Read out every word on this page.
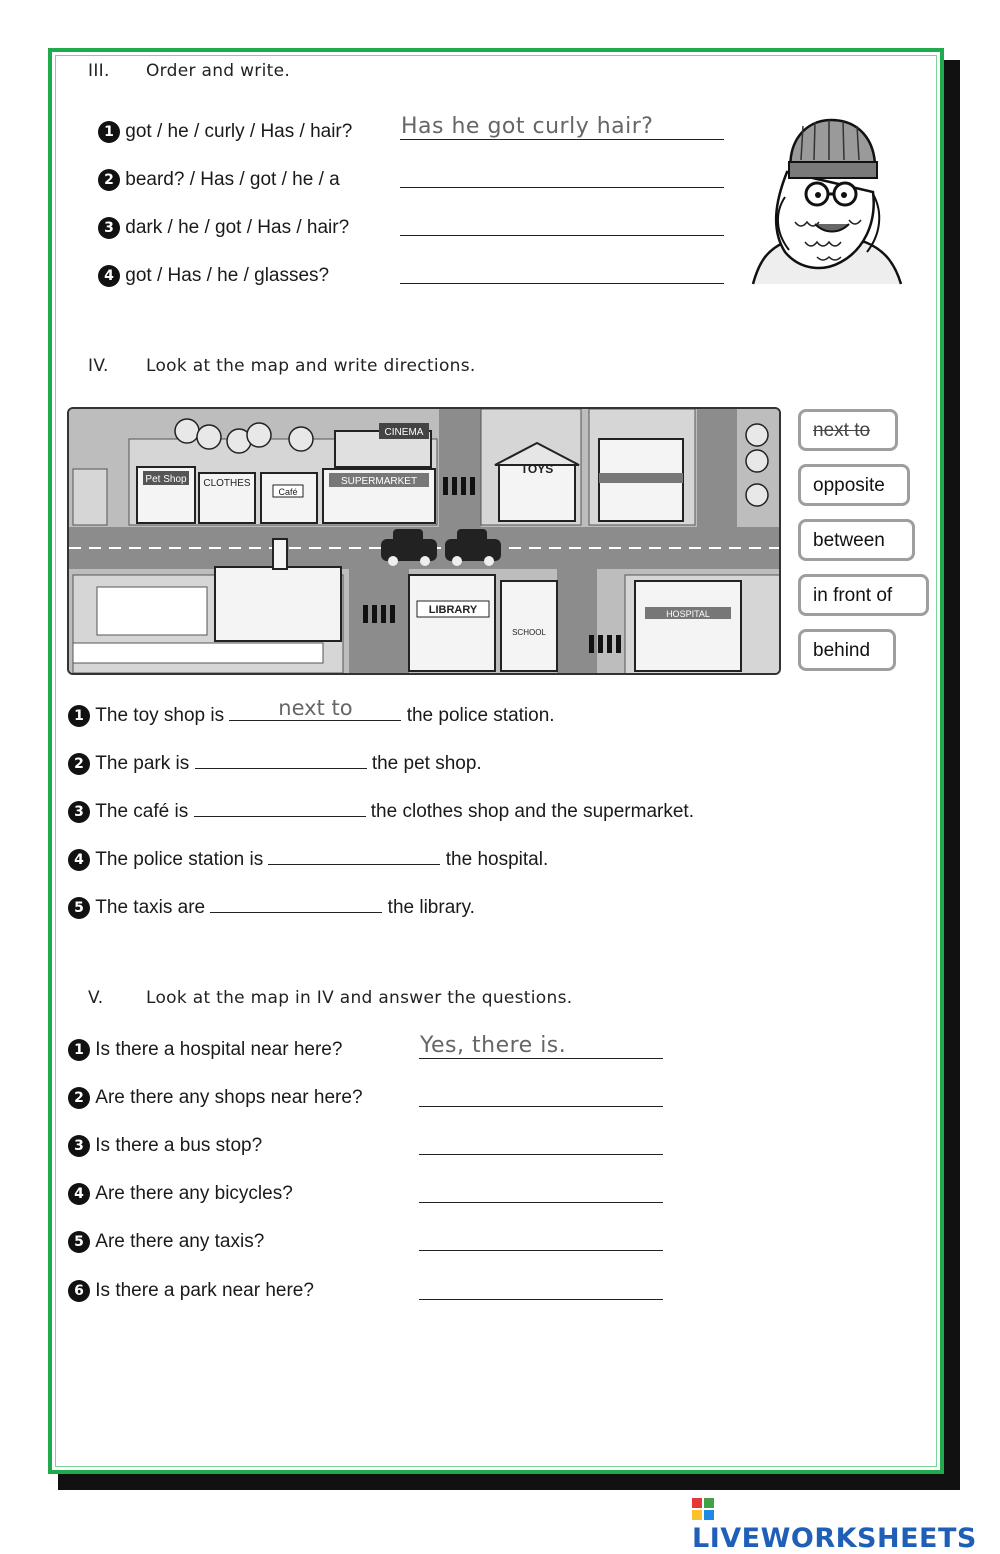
III. Order and write.
1 got / he / curly / Has / hair? Has he got curly hair?
2 beard? / Has / got / he / a
3 dark / he / got / Has / hair?
4 got / Has / he / glasses?
IV. Look at the map and write directions.
Pet Shop CLOTHES
Café
SUPERMARKET
CINEMA
TOYS
LIBRARY
SCHOOL
HOSPITAL
next to
opposite
between
in front of
behind
1 The toy shop is	next to	the police station.
2 The park is	the pet shop.
3 The café is	the clothes shop and the supermarket.
4 The police station is	the hospital.
5 The taxis are	the library.
V.	Look at the map in IV and answer the questions.
1 Is there a hospital near here?	Yes, there is.
2 Are there any shops near here?
3 Is there a bus stop?
4 Are there any bicycles?
5 Are there any taxis?
6 Is there a park near here?
LIVEWORKSHEETS
